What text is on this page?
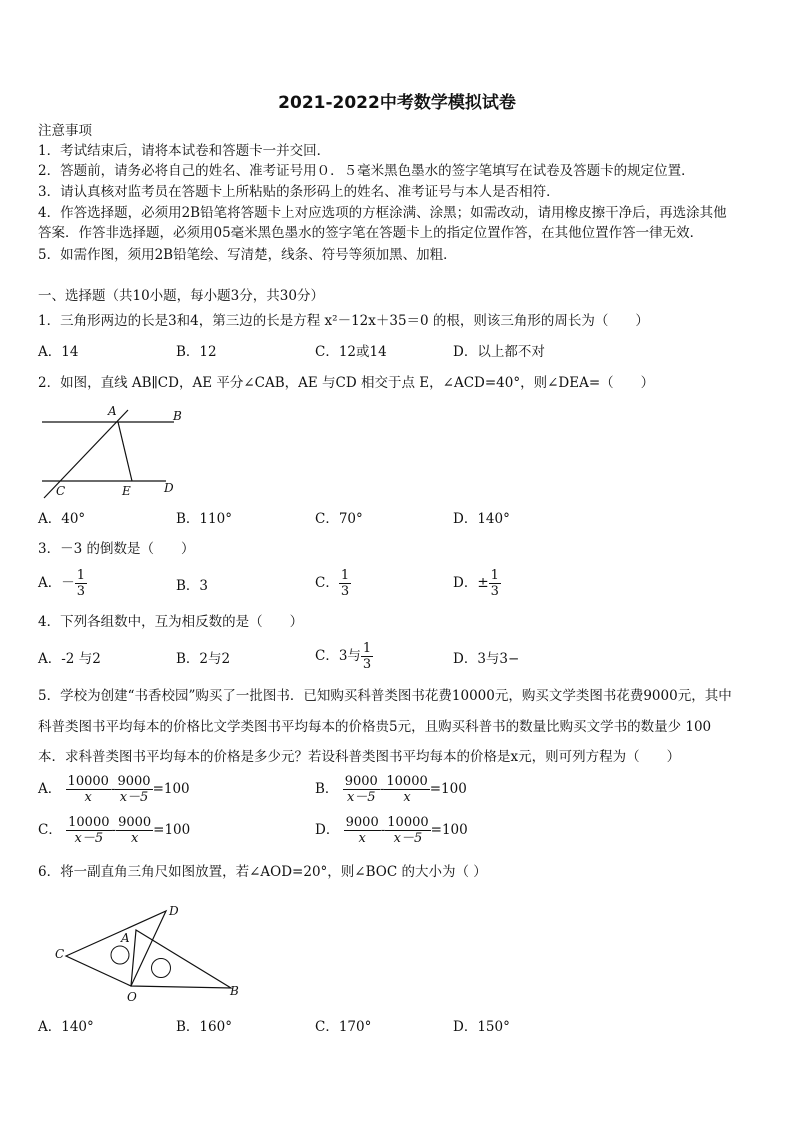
2021-2022中考数学模拟试卷
注意事项
1．考试结束后，请将本试卷和答题卡一并交回．
2．答题前，请务必将自己的姓名、准考证号用０．５毫米黑色墨水的签字笔填写在试卷及答题卡的规定位置．
3．请认真核对监考员在答题卡上所粘贴的条形码上的姓名、准考证号与本人是否相符．
4．作答选择题，必须用2B铅笔将答题卡上对应选项的方框涂满、涂黑；如需改动，请用橡皮擦干净后，再选涂其他
答案．作答非选择题，必须用05毫米黑色墨水的签字笔在答题卡上的指定位置作答，在其他位置作答一律无效．
5．如需作图，须用2B铅笔绘、写清楚，线条、符号等须加黑、加粗．
一、选择题（共10小题，每小题3分，共30分）
1．三角形两边的长是3和4，第三边的长是方程 x²－12x＋35＝0 的根，则该三角形的周长为（　　）
A．14	B．12	C．12或14	D．以上都不对
2．如图，直线 AB∥CD，AE 平分∠CAB，AE 与CD 相交于点 E，∠ACD=40°，则∠DEA=（　　）
A	B
C	D
E
A．40°	B．110°	C．70°	D．140°
3．－3 的倒数是（　　）
A．－ $\frac{1}{3}$	B．3	C． $\frac{1}{3}$	D．± $\frac{1}{3}$
4．下列各组数中，互为相反数的是（　　）
A．-2 与2	B．2与2	C．3与 $\frac{1}{3}$	D．3与3−
5．学校为创建“书香校园”购买了一批图书．已知购买科普类图书花费10000元，购买文学类图书花费9000元，其中
科普类图书平均每本的价格比文学类图书平均每本的价格贵5元，且购买科普书的数量比购买文学书的数量少 100
本．求科普类图书平均每本的价格是多少元？若设科普类图书平均每本的价格是x元，则可列方程为（　　）
A． $\frac{10000}{x} - \frac{9000}{x-5} =100$	B． $\frac{9000}{x-5} - \frac{10000}{x} =100$
C． $\frac{10000}{x-5} - \frac{9000}{x} =100$	D． $\frac{9000}{x} - \frac{10000}{x-5} =100$
6．将一副直角三角尺如图放置，若∠AOD=20°，则∠BOC 的大小为（ ）
C
D
A
B
O
A．140°	B．160°	C．170°	D．150°
